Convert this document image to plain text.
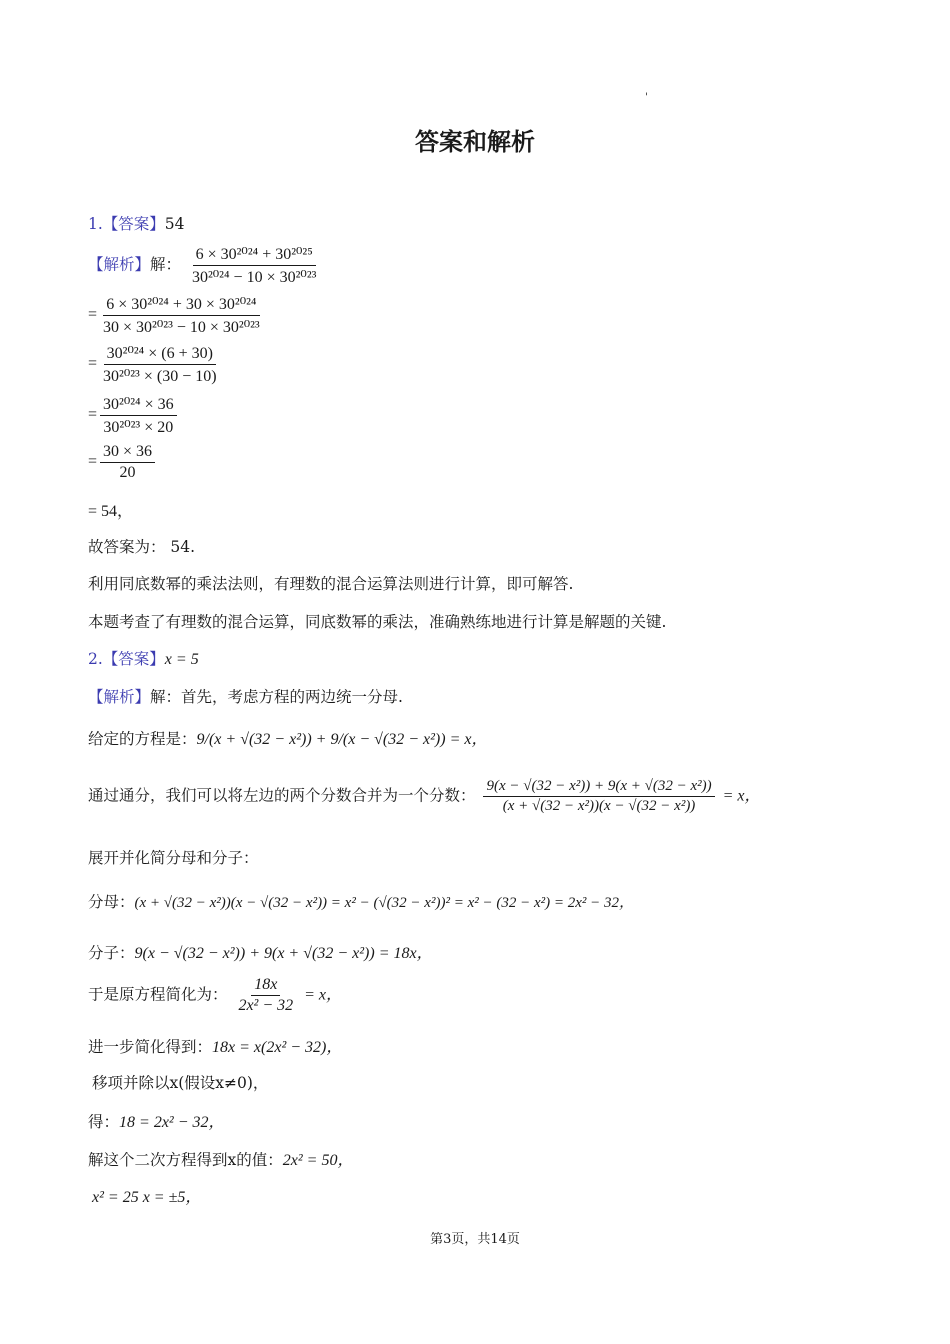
'
答案和解析
1.【答案】54
【解析】解： $\frac{\text{6 × 30²⁰²⁴ + 30²⁰²⁵}}{\text{30²⁰²⁴ − 10 × 30²⁰²³}}$
= $\frac{\text{6 × 30²⁰²⁴ + 30 × 30²⁰²⁴}}{\text{30 × 30²⁰²³ − 10 × 30²⁰²³}}$
= $\frac{\text{30²⁰²⁴ × (6 + 30)}}{\text{30²⁰²³ × (30 − 10)}}$
= $\frac{\text{30²⁰²⁴ × 36}}{\text{30²⁰²³ × 20}}$
= $\frac{30 \times 36}{20}$
= 54，
故答案为： 54.
利用同底数幂的乘法法则，有理数的混合运算法则进行计算，即可解答.
本题考查了有理数的混合运算，同底数幂的乘法，准确熟练地进行计算是解题的关键.
2.【答案】x = 5
【解析】解：首先，考虑方程的两边统一分母.
给定的方程是：9/(x + √(32 − x²)) + 9/(x − √(32 − x²)) = x，
通过通分，我们可以将左边的两个分数合并为一个分数： $\frac{\text{9(x − √(32 − x²)) + 9(x + √(32 − x²))}}{\text{(x + √(32 − x²))(x − √(32 − x²))}} = x$，
展开并化简分母和分子：
分母：(x + √(32 − x²))(x − √(32 − x²)) = x² − (√(32 − x²))² = x² − (32 − x²) = 2x² − 32，
分子：9(x − √(32 − x²)) + 9(x + √(32 − x²)) = 18x，
于是原方程简化为： $\frac{18x}{\text{2x² − 32}} = x$，
进一步简化得到：18x = x(2x² − 32)，
移项并除以x(假设x≠0)，
得：18 = 2x² − 32，
解这个二次方程得到x的值：2x² = 50，
x² = 25 x = ±5，
第3页，共14页
